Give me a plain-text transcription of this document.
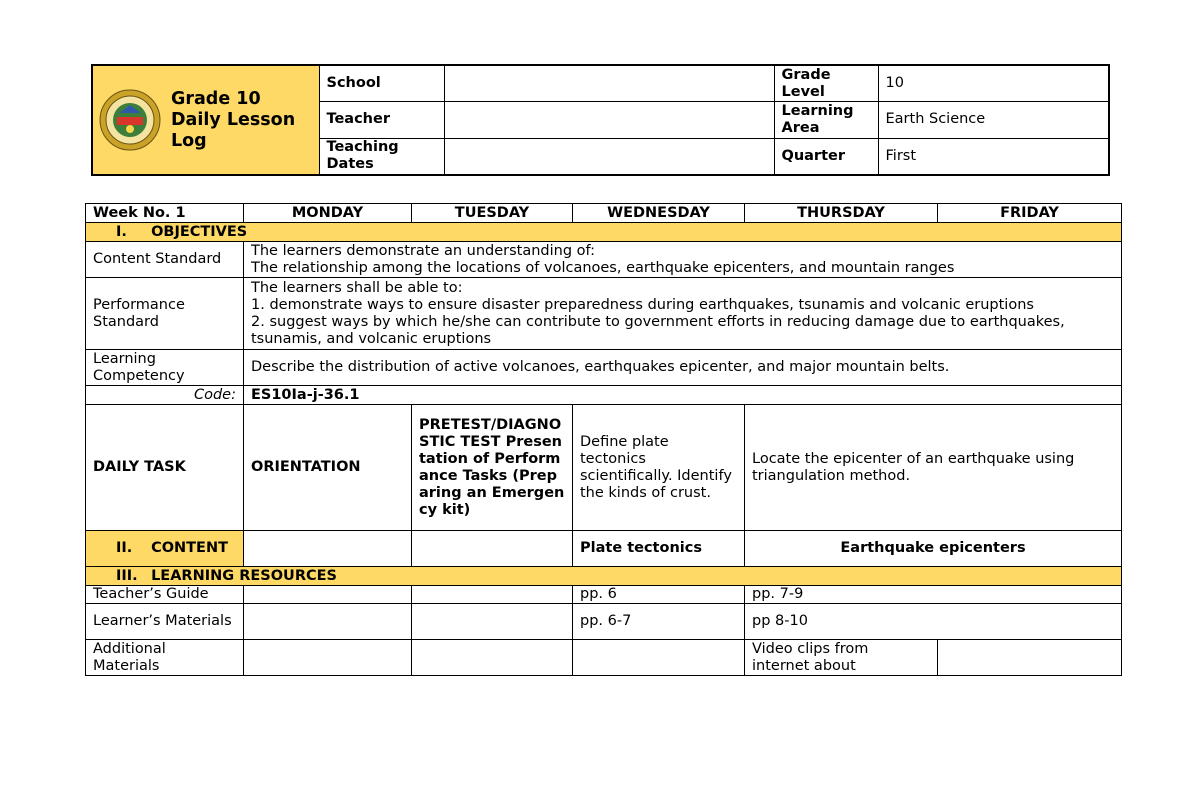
Grade 10
Daily Lesson
Log	School		Grade Level	10
	Teacher		Learning Area	Earth Science
	Teaching Dates		Quarter	First
Week No. 1	MONDAY	TUESDAY	WEDNESDAY	THURSDAY	FRIDAY
I. OBJECTIVES					
Content Standard	The learners demonstrate an understanding of:
The relationship among the locations of volcanoes, earthquake epicenters, and mountain ranges				

Performance Standard	The learners shall be able to:
1. demonstrate ways to ensure disaster preparedness during earthquakes, tsunamis and volcanic eruptions
2. suggest ways by which he/she can contribute to government efforts in reducing damage due to earthquakes, tsunamis, and volcanic eruptions				

Learning Competency	Describe the distribution of active volcanoes, earthquakes epicenter, and major mountain belts.				
Code:	ES10Ia-j-36.1				
DAILY TASK	ORIENTATION	PRETEST/DIAGNOSTIC TEST Presentation of Performance Tasks (Preparing an Emergency kit)	Define plate tectonics scientifically. Identify the kinds of crust.	Locate the epicenter of an earthquake using triangulation method.	
II. CONTENT			Plate tectonics	Earthquake epicenters	
III. LEARNING RESOURCES					
Teacher’s Guide			pp. 6	pp. 7-9	
Learner’s Materials			pp. 6-7	pp 8-10	
Additional Materials				Video clips from internet about	
